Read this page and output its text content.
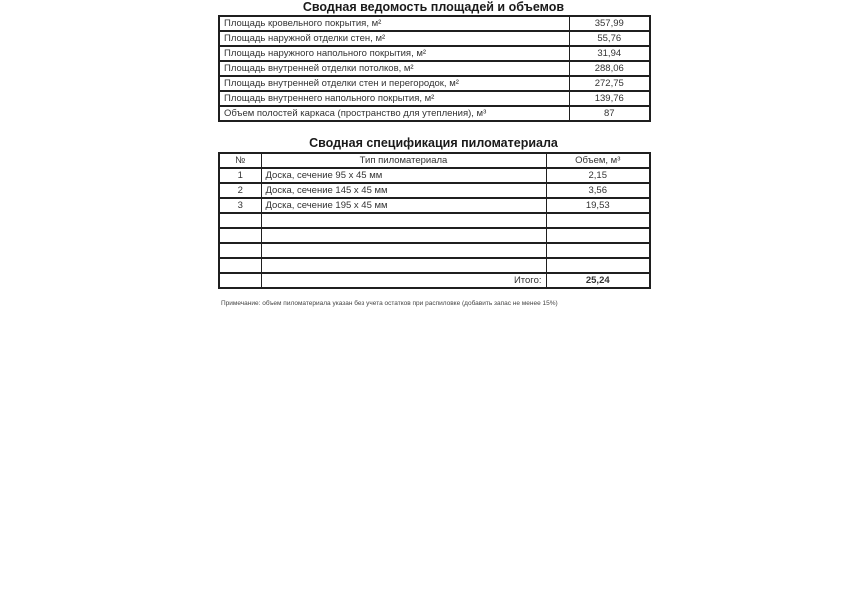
Сводная ведомость площадей и объемов
Площадь кровельного покрытия, м²	357,99
Площадь наружной отделки стен, м²	55,76
Площадь наружного напольного покрытия, м²	31,94
Площадь внутренней отделки потолков, м²	288,06
Площадь внутренней отделки стен и перегородок, м²	272,75
Площадь внутреннего напольного покрытия, м²	139,76
Объем полостей каркаса (пространство для утепления), м³	87
Сводная спецификация пиломатериала
№	Тип пиломатериала	Объем, м³
1	Доска, сечение 95 x 45 мм	2,15
2	Доска, сечение 145 x 45 мм	3,56
3	Доска, сечение 195 x 45 мм	19,53

	Итого:	25,24
Примечание: объем пиломатериала указан без учета остатков при распиловке (добавить запас не менее 15%)
